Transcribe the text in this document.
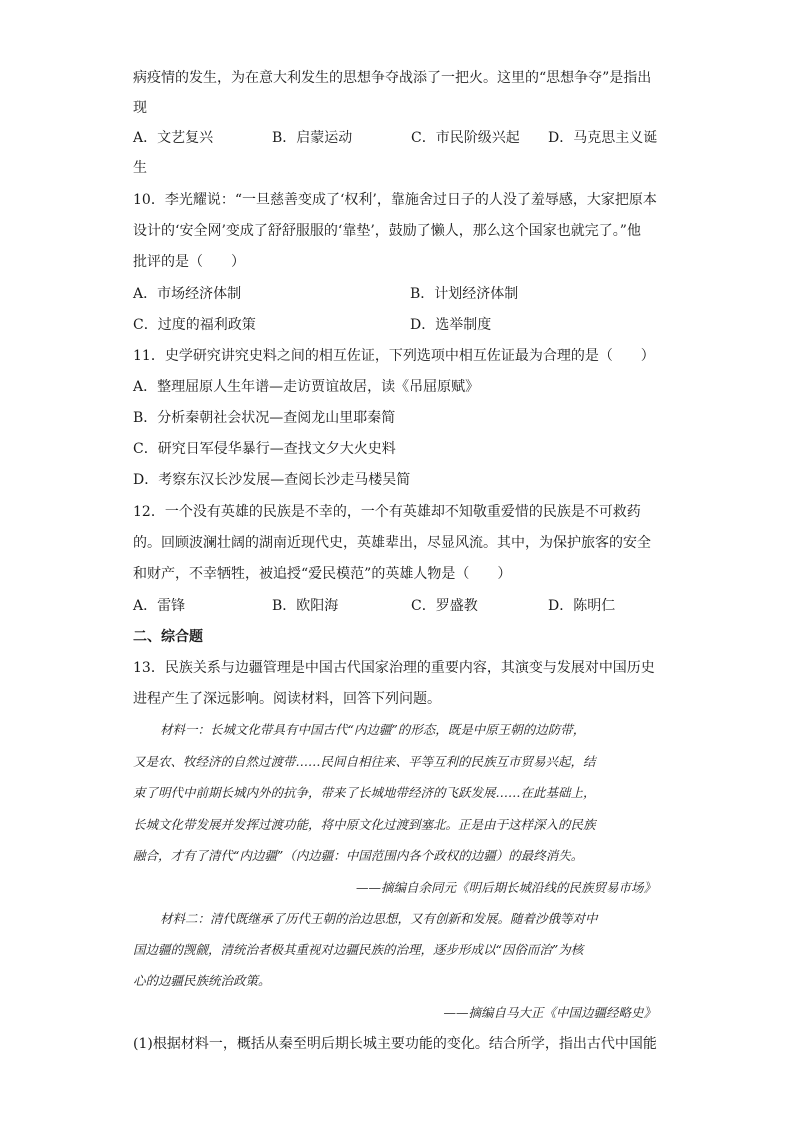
病疫情的发生，为在意大利发生的思想争夺战添了一把火。这里的“思想争夺”是指出
现
A．文艺复兴	B．启蒙运动	C．市民阶级兴起 D．马克思主义诞
生
10．李光耀说：“一旦慈善变成了‘权利’，靠施舍过日子的人没了羞辱感，大家把原本
设计的‘安全网’变成了舒舒服服的‘靠垫’，鼓励了懒人，那么这个国家也就完了。”他
批评的是（　　）
A．市场经济体制	B．计划经济体制
C．过度的福利政策	D．选举制度
11．史学研究讲究史料之间的相互佐证，下列选项中相互佐证最为合理的是（　　）
A．整理屈原人生年谱—走访贾谊故居，读《吊屈原赋》
B．分析秦朝社会状况—查阅龙山里耶秦简
C．研究日军侵华暴行—查找文夕大火史料
D．考察东汉长沙发展—查阅长沙走马楼吴简
12．一个没有英雄的民族是不幸的，一个有英雄却不知敬重爱惜的民族是不可救药
的。回顾波澜壮阔的湖南近现代史，英雄辈出，尽显风流。其中，为保护旅客的安全
和财产，不幸牺牲，被追授“爱民模范”的英雄人物是（　　）
A．雷锋	B．欧阳海	C．罗盛教	D．陈明仁
二、综合题
13．民族关系与边疆管理是中国古代国家治理的重要内容，其演变与发展对中国历史
进程产生了深远影响。阅读材料，回答下列问题。
材料一：长城文化带具有中国古代“内边疆”的形态，既是中原王朝的边防带，
又是农、牧经济的自然过渡带……民间自相往来、平等互利的民族互市贸易兴起，结
束了明代中前期长城内外的抗争，带来了长城地带经济的飞跃发展……在此基础上，
长城文化带发展并发挥过渡功能，将中原文化过渡到塞北。正是由于这样深入的民族
融合，才有了清代“内边疆”（内边疆：中国范围内各个政权的边疆）的最终消失。
——摘编自余同元《明后期长城沿线的民族贸易市场》
材料二：清代既继承了历代王朝的治边思想，又有创新和发展。随着沙俄等对中
国边疆的觊觎，清统治者极其重视对边疆民族的治理，逐步形成以“因俗而治”为核
心的边疆民族统治政策。
——摘编自马大正《中国边疆经略史》
(1)根据材料一，概括从秦至明后期长城主要功能的变化。结合所学，指出古代中国能
